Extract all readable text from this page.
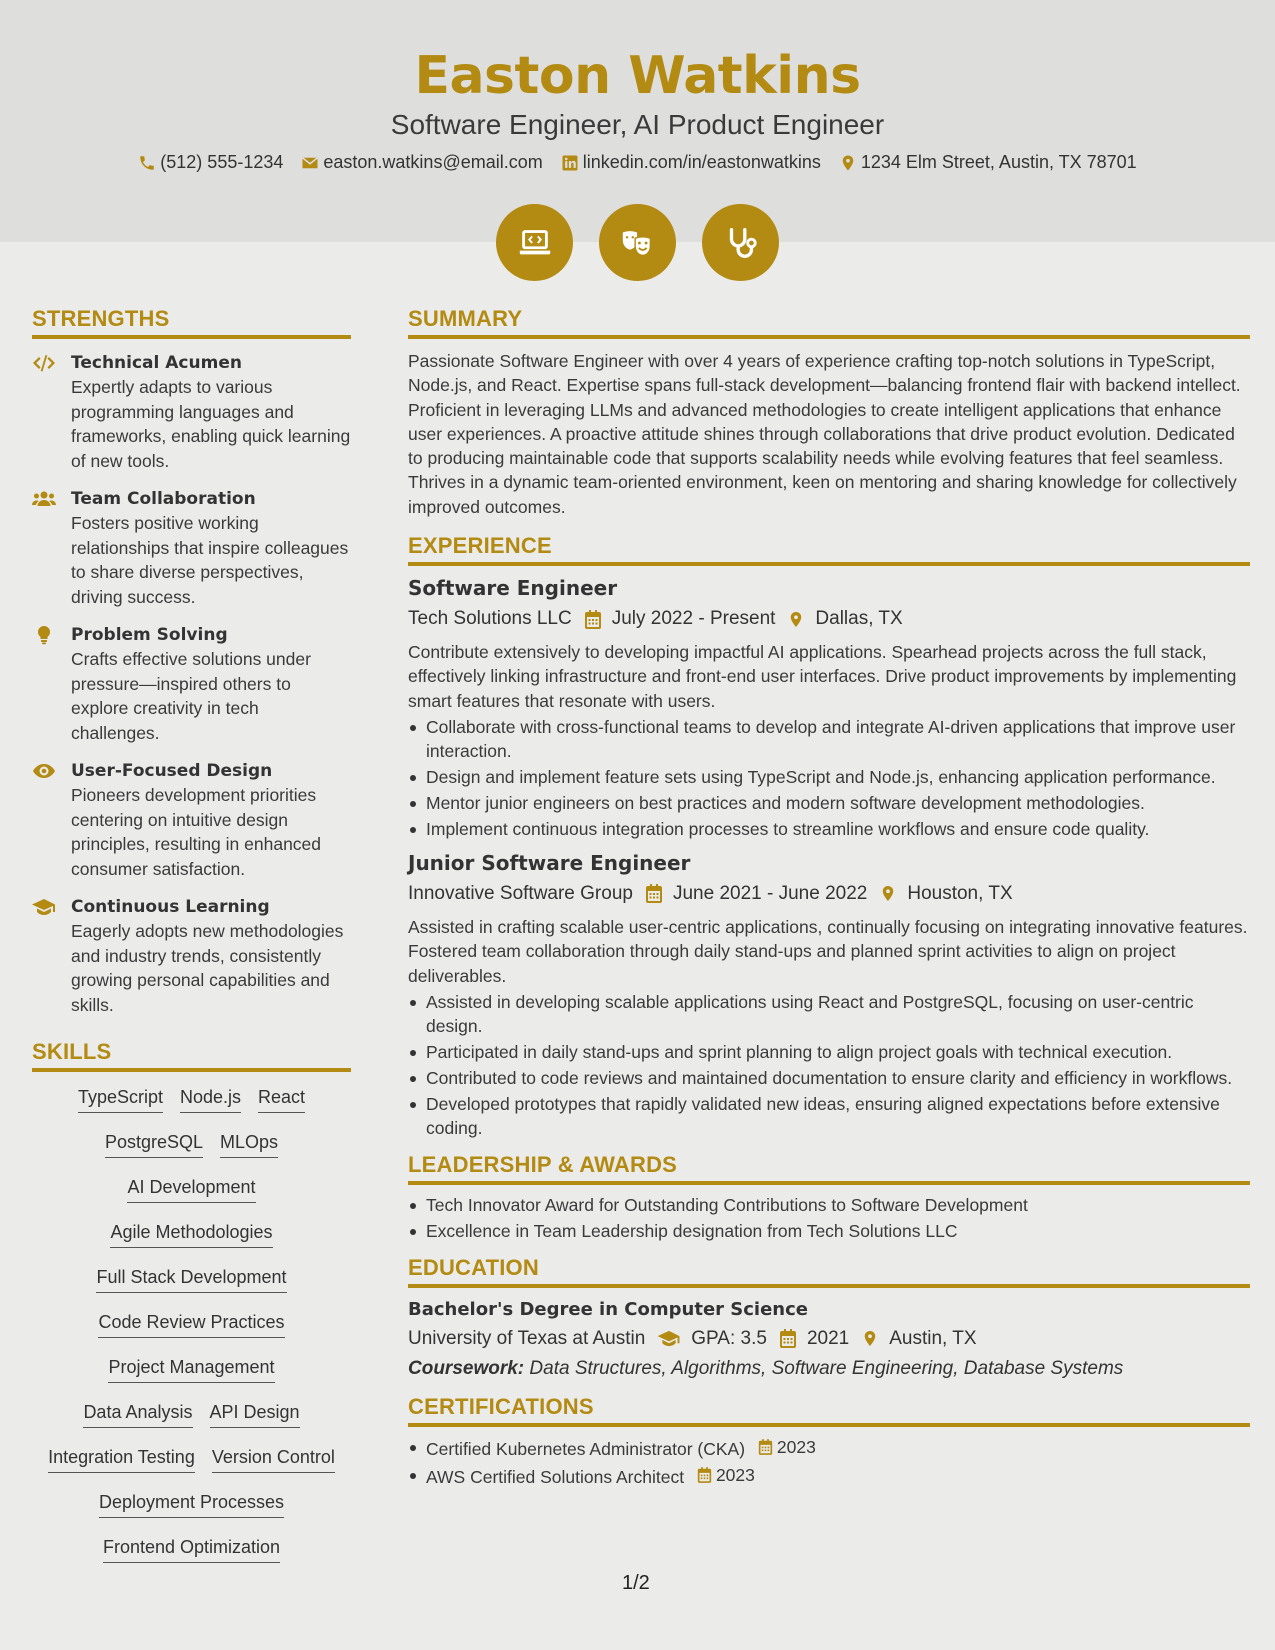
Easton Watkins
Software Engineer, AI Product Engineer
(512) 555-1234 easton.watkins@email.com linkedin.com/in/eastonwatkins 1234 Elm Street, Austin, TX 78701
STRENGTHS
Technical Acumen
Expertly adapts to various programming languages and frameworks, enabling quick learning of new tools.
Team Collaboration
Fosters positive working relationships that inspire colleagues to share diverse perspectives, driving success.
Problem Solving
Crafts effective solutions under pressure—inspired others to explore creativity in tech challenges.
User-Focused Design
Pioneers development priorities centering on intuitive design principles, resulting in enhanced consumer satisfaction.
Continuous Learning
Eagerly adopts new methodologies and industry trends, consistently growing personal capabilities and skills.
SKILLS
TypeScript Node.js React
PostgreSQL MLOps
AI Development
Agile Methodologies
Full Stack Development
Code Review Practices
Project Management
Data Analysis API Design
Integration Testing Version Control
Deployment Processes
Frontend Optimization
SUMMARY
Passionate Software Engineer with over 4 years of experience crafting top-notch solutions in TypeScript, Node.js, and React. Expertise spans full-stack development—balancing frontend flair with backend intellect. Proficient in leveraging LLMs and advanced methodologies to create intelligent applications that enhance user experiences. A proactive attitude shines through collaborations that drive product evolution. Dedicated to producing maintainable code that supports scalability needs while evolving features that feel seamless. Thrives in a dynamic team-oriented environment, keen on mentoring and sharing knowledge for collectively improved outcomes.
EXPERIENCE
Software Engineer
Tech Solutions LLC July 2022 - Present Dallas, TX
Contribute extensively to developing impactful AI applications. Spearhead projects across the full stack, effectively linking infrastructure and front-end user interfaces. Drive product improvements by implementing smart features that resonate with users.
Collaborate with cross-functional teams to develop and integrate AI-driven applications that improve user interaction.
Design and implement feature sets using TypeScript and Node.js, enhancing application performance.
Mentor junior engineers on best practices and modern software development methodologies.
Implement continuous integration processes to streamline workflows and ensure code quality.
Junior Software Engineer
Innovative Software Group June 2021 - June 2022 Houston, TX
Assisted in crafting scalable user-centric applications, continually focusing on integrating innovative features. Fostered team collaboration through daily stand-ups and planned sprint activities to align on project deliverables.
Assisted in developing scalable applications using React and PostgreSQL, focusing on user-centric design.
Participated in daily stand-ups and sprint planning to align project goals with technical execution.
Contributed to code reviews and maintained documentation to ensure clarity and efficiency in workflows.
Developed prototypes that rapidly validated new ideas, ensuring aligned expectations before extensive coding.
LEADERSHIP & AWARDS
Tech Innovator Award for Outstanding Contributions to Software Development
Excellence in Team Leadership designation from Tech Solutions LLC
EDUCATION
Bachelor's Degree in Computer Science
University of Texas at Austin GPA: 3.5 2021 Austin, TX
Coursework: Data Structures, Algorithms, Software Engineering, Database Systems
CERTIFICATIONS
Certified Kubernetes Administrator (CKA) 2023
AWS Certified Solutions Architect 2023
1/2
